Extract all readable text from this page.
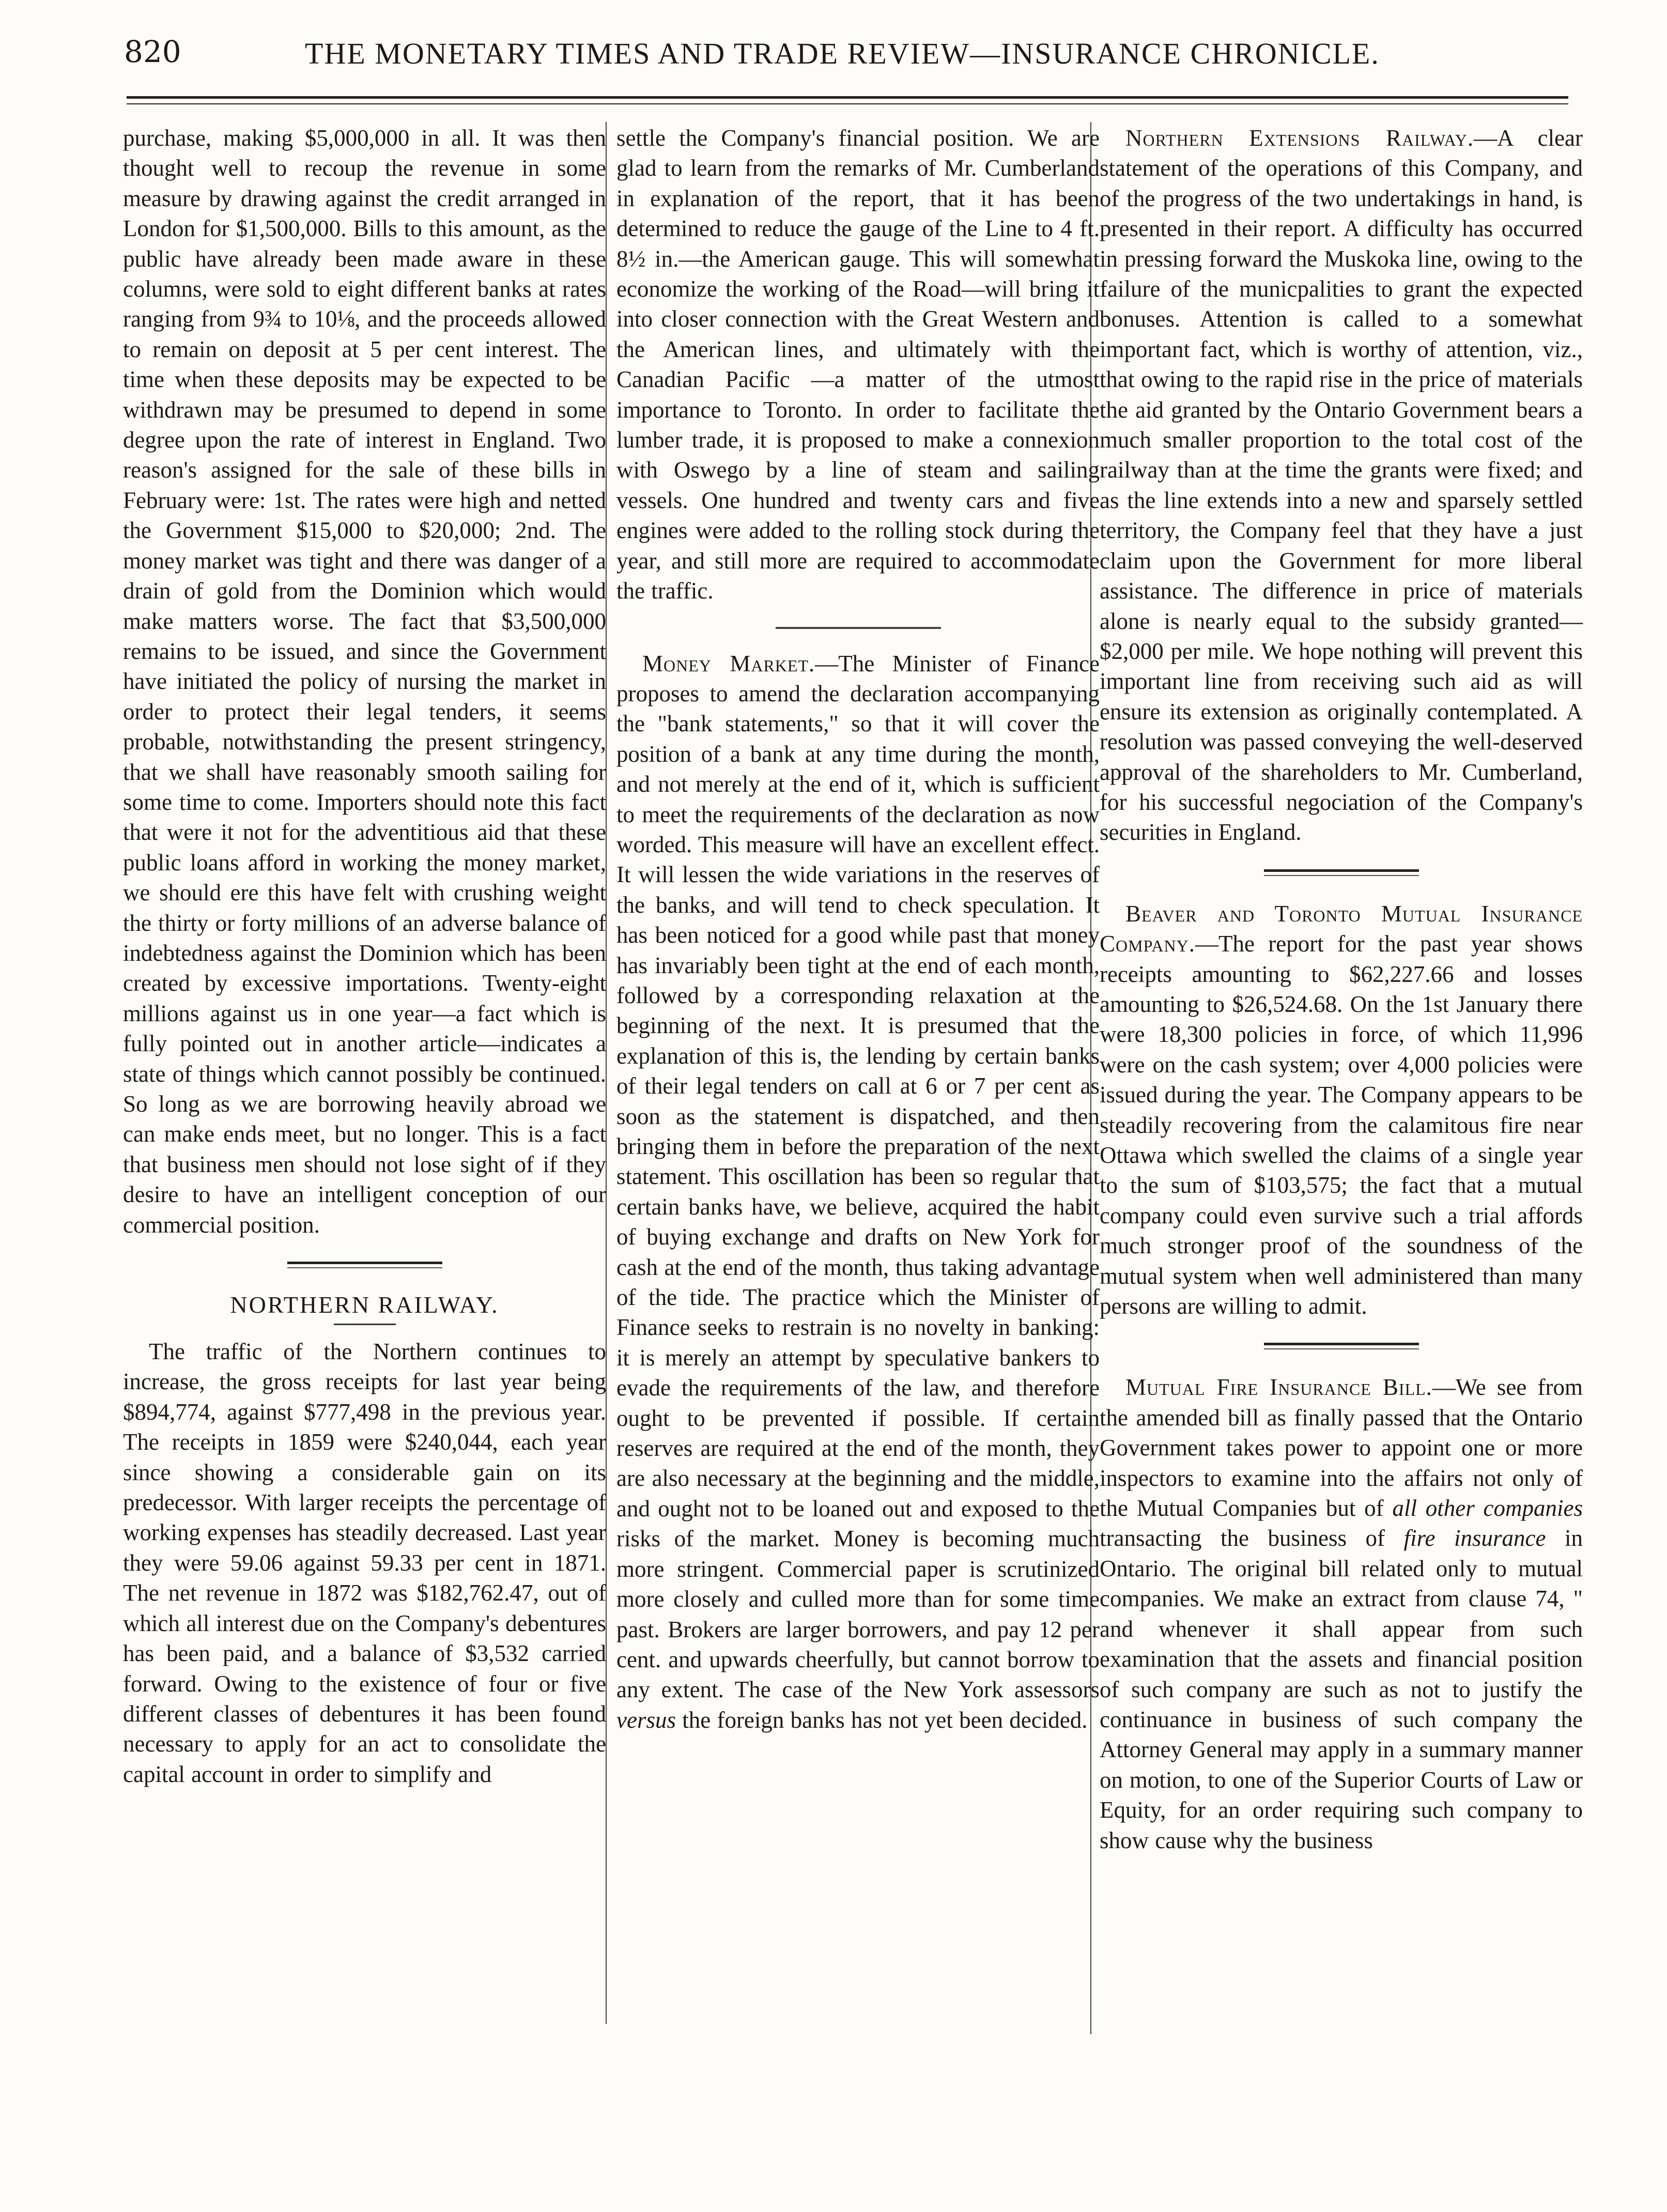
820	THE MONETARY TIMES AND TRADE REVIEW—INSURANCE CHRONICLE.

purchase, making $5,000,000 in all. It was then thought well to recoup the revenue in some measure by drawing against the credit arranged in London for $1,500,000. Bills to this amount, as the public have already been made aware in these columns, were sold to eight different banks at rates ranging from 9¾ to 10⅛, and the proceeds allowed to remain on deposit at 5 per cent interest. The time when these deposits may be expected to be withdrawn may be presumed to depend in some degree upon the rate of interest in England. Two reason's assigned for the sale of these bills in February were: 1st. The rates were high and netted the Government $15,000 to $20,000; 2nd. The money market was tight and there was danger of a drain of gold from the Dominion which would make matters worse. The fact that $3,500,000 remains to be issued, and since the Government have initiated the policy of nursing the market in order to protect their legal tenders, it seems probable, notwithstanding the present stringency, that we shall have reasonably smooth sailing for some time to come. Importers should note this fact that were it not for the adventitious aid that these public loans afford in working the money market, we should ere this have felt with crushing weight the thirty or forty millions of an adverse balance of indebtedness against the Dominion which has been created by excessive importations. Twenty-eight millions against us in one year—a fact which is fully pointed out in another article—indicates a state of things which cannot possibly be continued. So long as we are borrowing heavily abroad we can make ends meet, but no longer. This is a fact that business men should not lose sight of if they desire to have an intelligent conception of our commercial position.

NORTHERN RAILWAY.

The traffic of the Northern continues to increase, the gross receipts for last year being $894,774, against $777,498 in the previous year. The receipts in 1859 were $240,044, each year since showing a considerable gain on its predecessor. With larger receipts the percentage of working expenses has steadily decreased. Last year they were 59.06 against 59.33 per cent in 1871. The net revenue in 1872 was $182,762.47, out of which all interest due on the Company's debentures has been paid, and a balance of $3,532 carried forward. Owing to the existence of four or five different classes of debentures it has been found necessary to apply for an act to consolidate the capital account in order to simplify and

settle the Company's financial position. We are glad to learn from the remarks of Mr. Cumberland in explanation of the report, that it has been determined to reduce the gauge of the Line to 4 ft. 8½ in.—the American gauge. This will somewhat economize the working of the Road—will bring it into closer connection with the Great Western and the American lines, and ultimately with the Canadian Pacific —a matter of the utmost importance to Toronto. In order to facilitate the lumber trade, it is proposed to make a connexion with Oswego by a line of steam and sailing vessels. One hundred and twenty cars and five engines were added to the rolling stock during the year, and still more are required to accommodate the traffic.

Money Market.—The Minister of Finance proposes to amend the declaration accompanying the "bank statements," so that it will cover the position of a bank at any time during the month, and not merely at the end of it, which is sufficient to meet the requirements of the declaration as now worded. This measure will have an excellent effect. It will lessen the wide variations in the reserves of the banks, and will tend to check speculation. It has been noticed for a good while past that money has invariably been tight at the end of each month, followed by a corresponding relaxation at the beginning of the next. It is presumed that the explanation of this is, the lending by certain banks of their legal tenders on call at 6 or 7 per cent as soon as the statement is dispatched, and then bringing them in before the preparation of the next statement. This oscillation has been so regular that certain banks have, we believe, acquired the habit of buying exchange and drafts on New York for cash at the end of the month, thus taking advantage of the tide. The practice which the Minister of Finance seeks to restrain is no novelty in banking: it is merely an attempt by speculative bankers to evade the requirements of the law, and therefore ought to be prevented if possible. If certain reserves are required at the end of the month, they are also necessary at the beginning and the middle, and ought not to be loaned out and exposed to the risks of the market. Money is becoming much more stringent. Commercial paper is scrutinized more closely and culled more than for some time past. Brokers are larger borrowers, and pay 12 per cent. and upwards cheerfully, but cannot borrow to any extent. The case of the New York assessors versus the foreign banks has not yet been decided.

Northern Extensions Railway.—A clear statement of the operations of this Company, and of the progress of the two undertakings in hand, is presented in their report. A difficulty has occurred in pressing forward the Muskoka line, owing to the failure of the municpalities to grant the expected bonuses. Attention is called to a somewhat important fact, which is worthy of attention, viz., that owing to the rapid rise in the price of materials the aid granted by the Ontario Government bears a much smaller proportion to the total cost of the railway than at the time the grants were fixed; and as the line extends into a new and sparsely settled territory, the Company feel that they have a just claim upon the Government for more liberal assistance. The difference in price of materials alone is nearly equal to the subsidy granted—$2,000 per mile. We hope nothing will prevent this important line from receiving such aid as will ensure its extension as originally contemplated. A resolution was passed conveying the well-deserved approval of the shareholders to Mr. Cumberland, for his successful negociation of the Company's securities in England.

Beaver and Toronto Mutual Insurance Company.—The report for the past year shows receipts amounting to $62,227.66 and losses amounting to $26,524.68. On the 1st January there were 18,300 policies in force, of which 11,996 were on the cash system; over 4,000 policies were issued during the year. The Company appears to be steadily recovering from the calamitous fire near Ottawa which swelled the claims of a single year to the sum of $103,575; the fact that a mutual company could even survive such a trial affords much stronger proof of the soundness of the mutual system when well administered than many persons are willing to admit.

Mutual Fire Insurance Bill.—We see from the amended bill as finally passed that the Ontario Government takes power to appoint one or more inspectors to examine into the affairs not only of the Mutual Companies but of all other companies transacting the business of fire insurance in Ontario. The original bill related only to mutual companies. We make an extract from clause 74, " and whenever it shall appear from such examination that the assets and financial position of such company are such as not to justify the continuance in business of such company the Attorney General may apply in a summary manner on motion, to one of the Superior Courts of Law or Equity, for an order requiring such company to show cause why the business
